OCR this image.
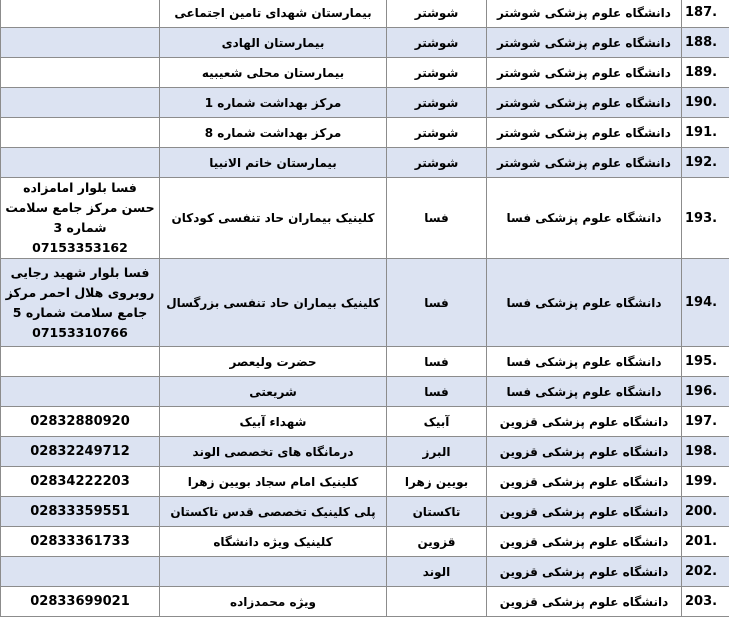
	بیمارستان شهدای تامین اجتماعی	شوشتر	دانشگاه علوم پزشکی شوشتر	187.
	بیمارستان الهادی	شوشتر	دانشگاه علوم پزشکی شوشتر	188.
	بیمارستان محلی شعیبیه	شوشتر	دانشگاه علوم پزشکی شوشتر	189.
	مرکز بهداشت شماره 1	شوشتر	دانشگاه علوم پزشکی شوشتر	190.
	مرکز بهداشت شماره 8	شوشتر	دانشگاه علوم پزشکی شوشتر	191.
	بیمارستان خاتم الانبیا	شوشتر	دانشگاه علوم پزشکی شوشتر	192.
فسا بلوار امامزاده حسن مرکز جامع سلامت شماره 3 07153353162	کلینیک بیماران حاد تنفسی کودکان	فسا	دانشگاه علوم پزشکی فسا	193.
فسا بلوار شهید رجایی روبروی هلال احمر مرکز جامع سلامت شماره 5 07153310766	کلینیک بیماران حاد تنفسی بزرگسال	فسا	دانشگاه علوم پزشکی فسا	194.
	حضرت ولیعصر	فسا	دانشگاه علوم پزشکی فسا	195.
	شریعتی	فسا	دانشگاه علوم پزشکی فسا	196.
02832880920	شهداء آبیک	آبیک	دانشگاه علوم پزشکی قزوین	197.
02832249712	درمانگاه های تخصصی الوند	البرز	دانشگاه علوم پزشکی قزوین	198.
02834222203	کلینیک امام سجاد بویین زهرا	بویین زهرا	دانشگاه علوم پزشکی قزوین	199.
02833359551	پلی کلینیک تخصصی قدس تاکستان	تاکستان	دانشگاه علوم پزشکی قزوین	200.
02833361733	کلینیک ویژه دانشگاه	قزوین	دانشگاه علوم پزشکی قزوین	201.
		الوند	دانشگاه علوم پزشکی قزوین	202.
02833699021	ویژه محمدزاده		دانشگاه علوم پزشکی قزوین	203.
